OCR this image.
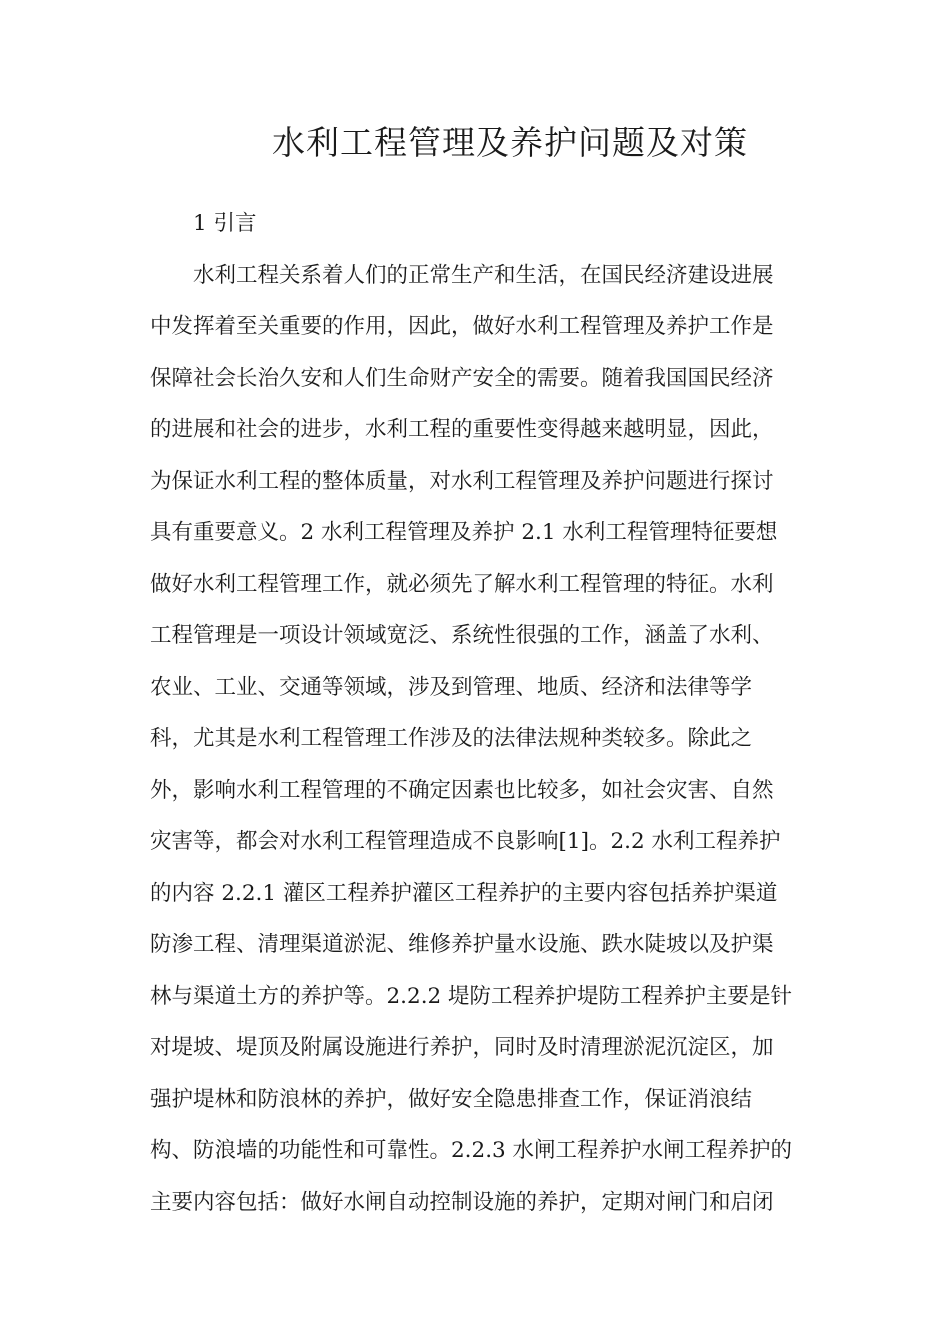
水利工程管理及养护问题及对策
1 引言
水利工程关系着人们的正常生产和生活，在国民经济建设进展
中发挥着至关重要的作用，因此，做好水利工程管理及养护工作是
保障社会长治久安和人们生命财产安全的需要。随着我国国民经济
的进展和社会的进步，水利工程的重要性变得越来越明显，因此，
为保证水利工程的整体质量，对水利工程管理及养护问题进行探讨
具有重要意义。2 水利工程管理及养护 2.1 水利工程管理特征要想
做好水利工程管理工作，就必须先了解水利工程管理的特征。水利
工程管理是一项设计领域宽泛、系统性很强的工作，涵盖了水利、
农业、工业、交通等领域，涉及到管理、地质、经济和法律等学
科，尤其是水利工程管理工作涉及的法律法规种类较多。除此之
外，影响水利工程管理的不确定因素也比较多，如社会灾害、自然
灾害等，都会对水利工程管理造成不良影响[1]。2.2 水利工程养护
的内容 2.2.1 灌区工程养护灌区工程养护的主要内容包括养护渠道
防渗工程、清理渠道淤泥、维修养护量水设施、跌水陡坡以及护渠
林与渠道土方的养护等。2.2.2 堤防工程养护堤防工程养护主要是针
对堤坡、堤顶及附属设施进行养护，同时及时清理淤泥沉淀区，加
强护堤林和防浪林的养护，做好安全隐患排查工作，保证消浪结
构、防浪墙的功能性和可靠性。2.2.3 水闸工程养护水闸工程养护的
主要内容包括：做好水闸自动控制设施的养护，定期对闸门和启闭
